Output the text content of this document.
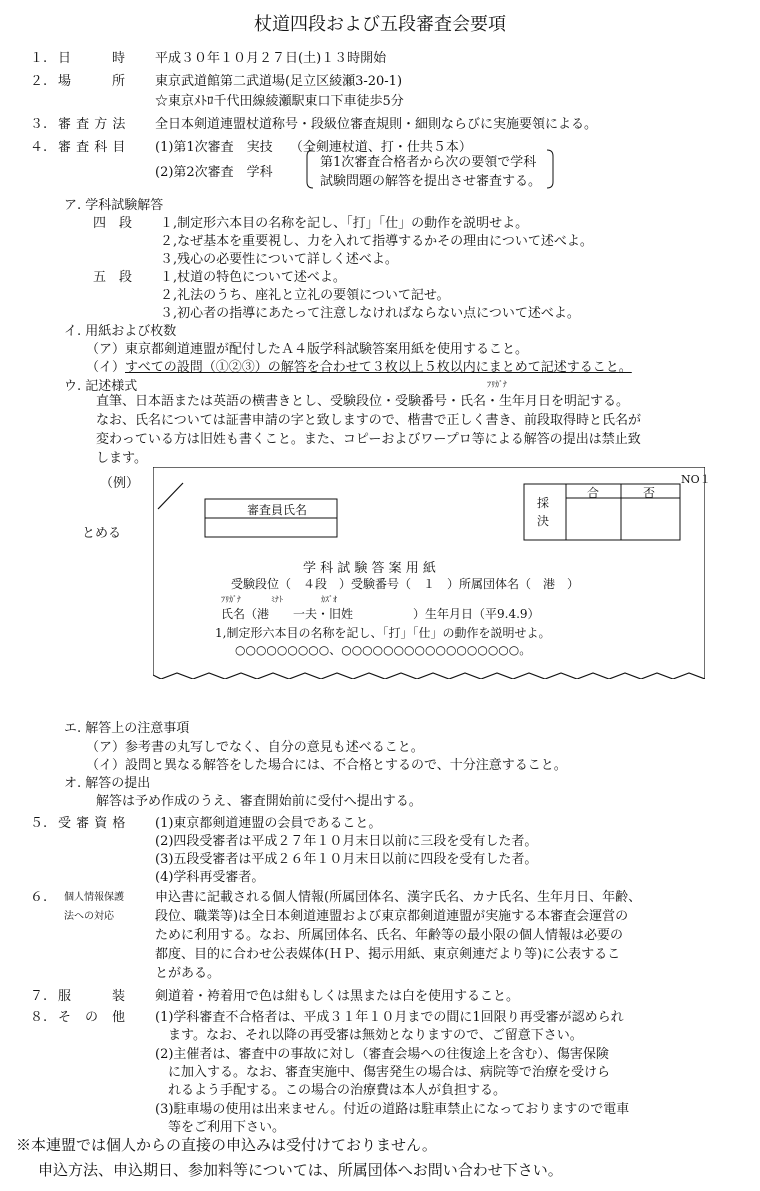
杖道四段および五段審査会要項
１. 日　　　時	平成３０年１０月２７日(土)１３時開始
２. 場　　　所	東京武道館第二武道場(足立区綾瀬3-20-1)
☆東京ﾒﾄﾛ千代田線綾瀬駅東口下車徒歩5分
３. 審 査 方 法	全日本剣道連盟杖道称号・段級位審査規則・細則ならびに実施要領による。
４. 審 査 科 目	(1)第1次審査　実技　 （全剣連杖道、打・仕共５本）
(2)第2次審査　学科
第1次審査合格者から次の要領で学科
試験問題の解答を提出させ審査する。
ア. 学科試験解答
四　段 １,制定形六本目の名称を記し、「打」「仕」の動作を説明せよ。
２,なぜ基本を重要視し、力を入れて指導するかその理由について述べよ。
３,残心の必要性について詳しく述べよ。
五　段 １,杖道の特色について述べよ。
２,礼法のうち、座礼と立礼の要領について記せ。
３,初心者の指導にあたって注意しなければならない点について述べよ。
イ. 用紙および枚数
（ア）東京都剣道連盟が配付したＡ４版学科試験答案用紙を使用すること。
（イ）すべての設問（①②③）の解答を合わせて３枚以上５枚以内にまとめて記述すること。
ウ. 記述様式	ﾌﾘｶﾞﾅ
直筆、日本語または英語の横書きとし、受験段位・受験番号・氏名・生年月日を明記する。
なお、氏名については証書申請の字と致しますので、楷書で正しく書き、前段取得時と氏名が
変わっている方は旧姓も書くこと。また、コピーおよびワープロ等による解答の提出は禁止致
します。
（例）
とめる
NO１
審査員氏名	採
決
合	否
学 科 試 験 答 案 用 紙
受験段位（　４段　）受験番号（　１　）所属団体名（　港　）
ﾌﾘｶﾞﾅ	ﾐﾅﾄ	ｶｽﾞｵ
氏名（港　　一夫・旧姓　　　　　）生年月日（平9.4.9）
1,制定形六本目の名称を記し、「打」「仕」の動作を説明せよ。
○○○○○○○○○、○○○○○○○○○○○○○○○○○。
エ. 解答上の注意事項
（ア）参考書の丸写しでなく、自分の意見も述べること。
（イ）設問と異なる解答をした場合には、不合格とするので、十分注意すること。
オ. 解答の提出
解答は予め作成のうえ、審査開始前に受付へ提出する。
５. 受 審 資 格	(1)東京都剣道連盟の会員であること。
(2)四段受審者は平成２７年１０月末日以前に三段を受有した者。
(3)五段受審者は平成２６年１０月末日以前に四段を受有した者。
(4)学科再受審者。
６. 個人情報保護
法への対応
申込書に記載される個人情報(所属団体名、漢字氏名、カナ氏名、生年月日、年齢、
段位、職業等)は全日本剣道連盟および東京都剣道連盟が実施する本審査会運営の
ために利用する。なお、所属団体名、氏名、年齢等の最小限の個人情報は必要の
都度、目的に合わせ公表媒体(ＨＰ、掲示用紙、東京剣連だより等)に公表するこ
とがある。
７. 服　　　装	剣道着・袴着用で色は紺もしくは黒または白を使用すること。
８. そ　の　他	(1)学科審査不合格者は、平成３１年１０月までの間に1回限り再受審が認められ
　ます。なお、それ以降の再受審は無効となりますので、ご留意下さい。
(2)主催者は、審査中の事故に対し（審査会場への往復途上を含む）、傷害保険
　に加入する。なお、審査実施中、傷害発生の場合は、病院等で治療を受けら
　れるよう手配する。この場合の治療費は本人が負担する。
(3)駐車場の使用は出来ません。付近の道路は駐車禁止になっておりますので電車
　等をご利用下さい。
※本連盟では個人からの直接の申込みは受付けておりません。
申込方法、申込期日、参加料等については、所属団体へお問い合わせ下さい。
